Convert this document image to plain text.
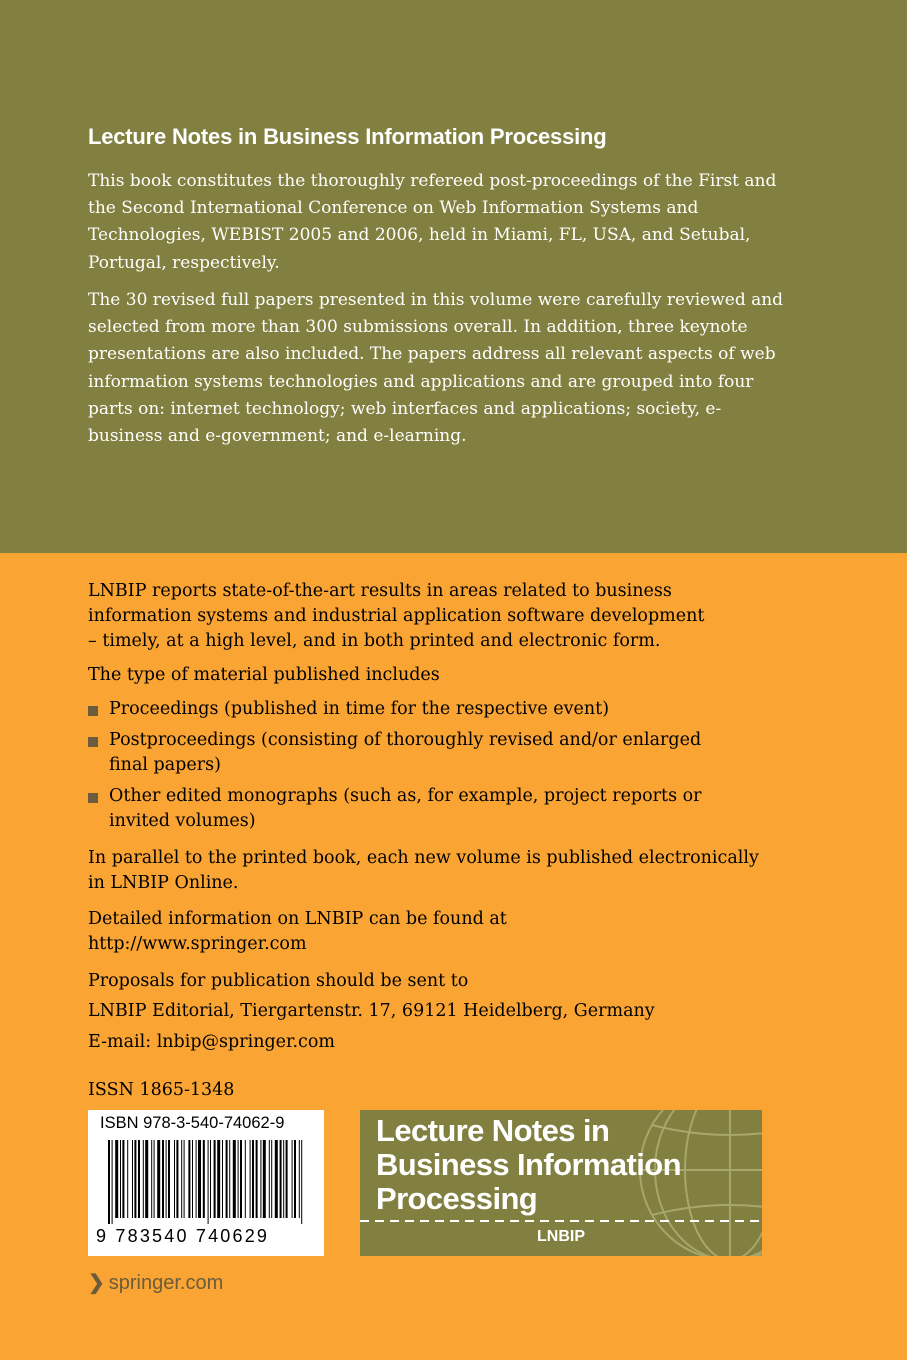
Lecture Notes in Business Information Processing

This book constitutes the thoroughly refereed post-proceedings of the First and the Second International Conference on Web Information Systems and Technologies, WEBIST 2005 and 2006, held in Miami, FL, USA, and Setubal, Portugal, respectively.

The 30 revised full papers presented in this volume were carefully reviewed and selected from more than 300 submissions overall. In addition, three keynote presentations are also included. The papers address all relevant aspects of web information systems technologies and applications and are grouped into four parts on: internet technology; web interfaces and applications; society, e-business and e-government; and e-learning.

LNBIP reports state-of-the-art results in areas related to business

information systems and industrial application software development

– timely, at a high level, and in both printed and electronic form.

The type of material published includes

Proceedings (published in time for the respective event)
Postproceedings (consisting of thoroughly revised and/or enlarged
final papers)
Other edited monographs (such as, for example, project reports or
invited volumes)

In parallel to the printed book, each new volume is published electronically

in LNBIP Online.

Detailed information on LNBIP can be found at

http://www.springer.com

Proposals for publication should be sent to

LNBIP Editorial, Tiergartenstr. 17, 69121 Heidelberg, Germany

E-mail: lnbip@springer.com

ISSN 1865-1348

ISBN 978-3-540-74062-9
9 783540 740629
Lecture Notes in
Business Information
Processing
LNBIP
❯ springer.com
